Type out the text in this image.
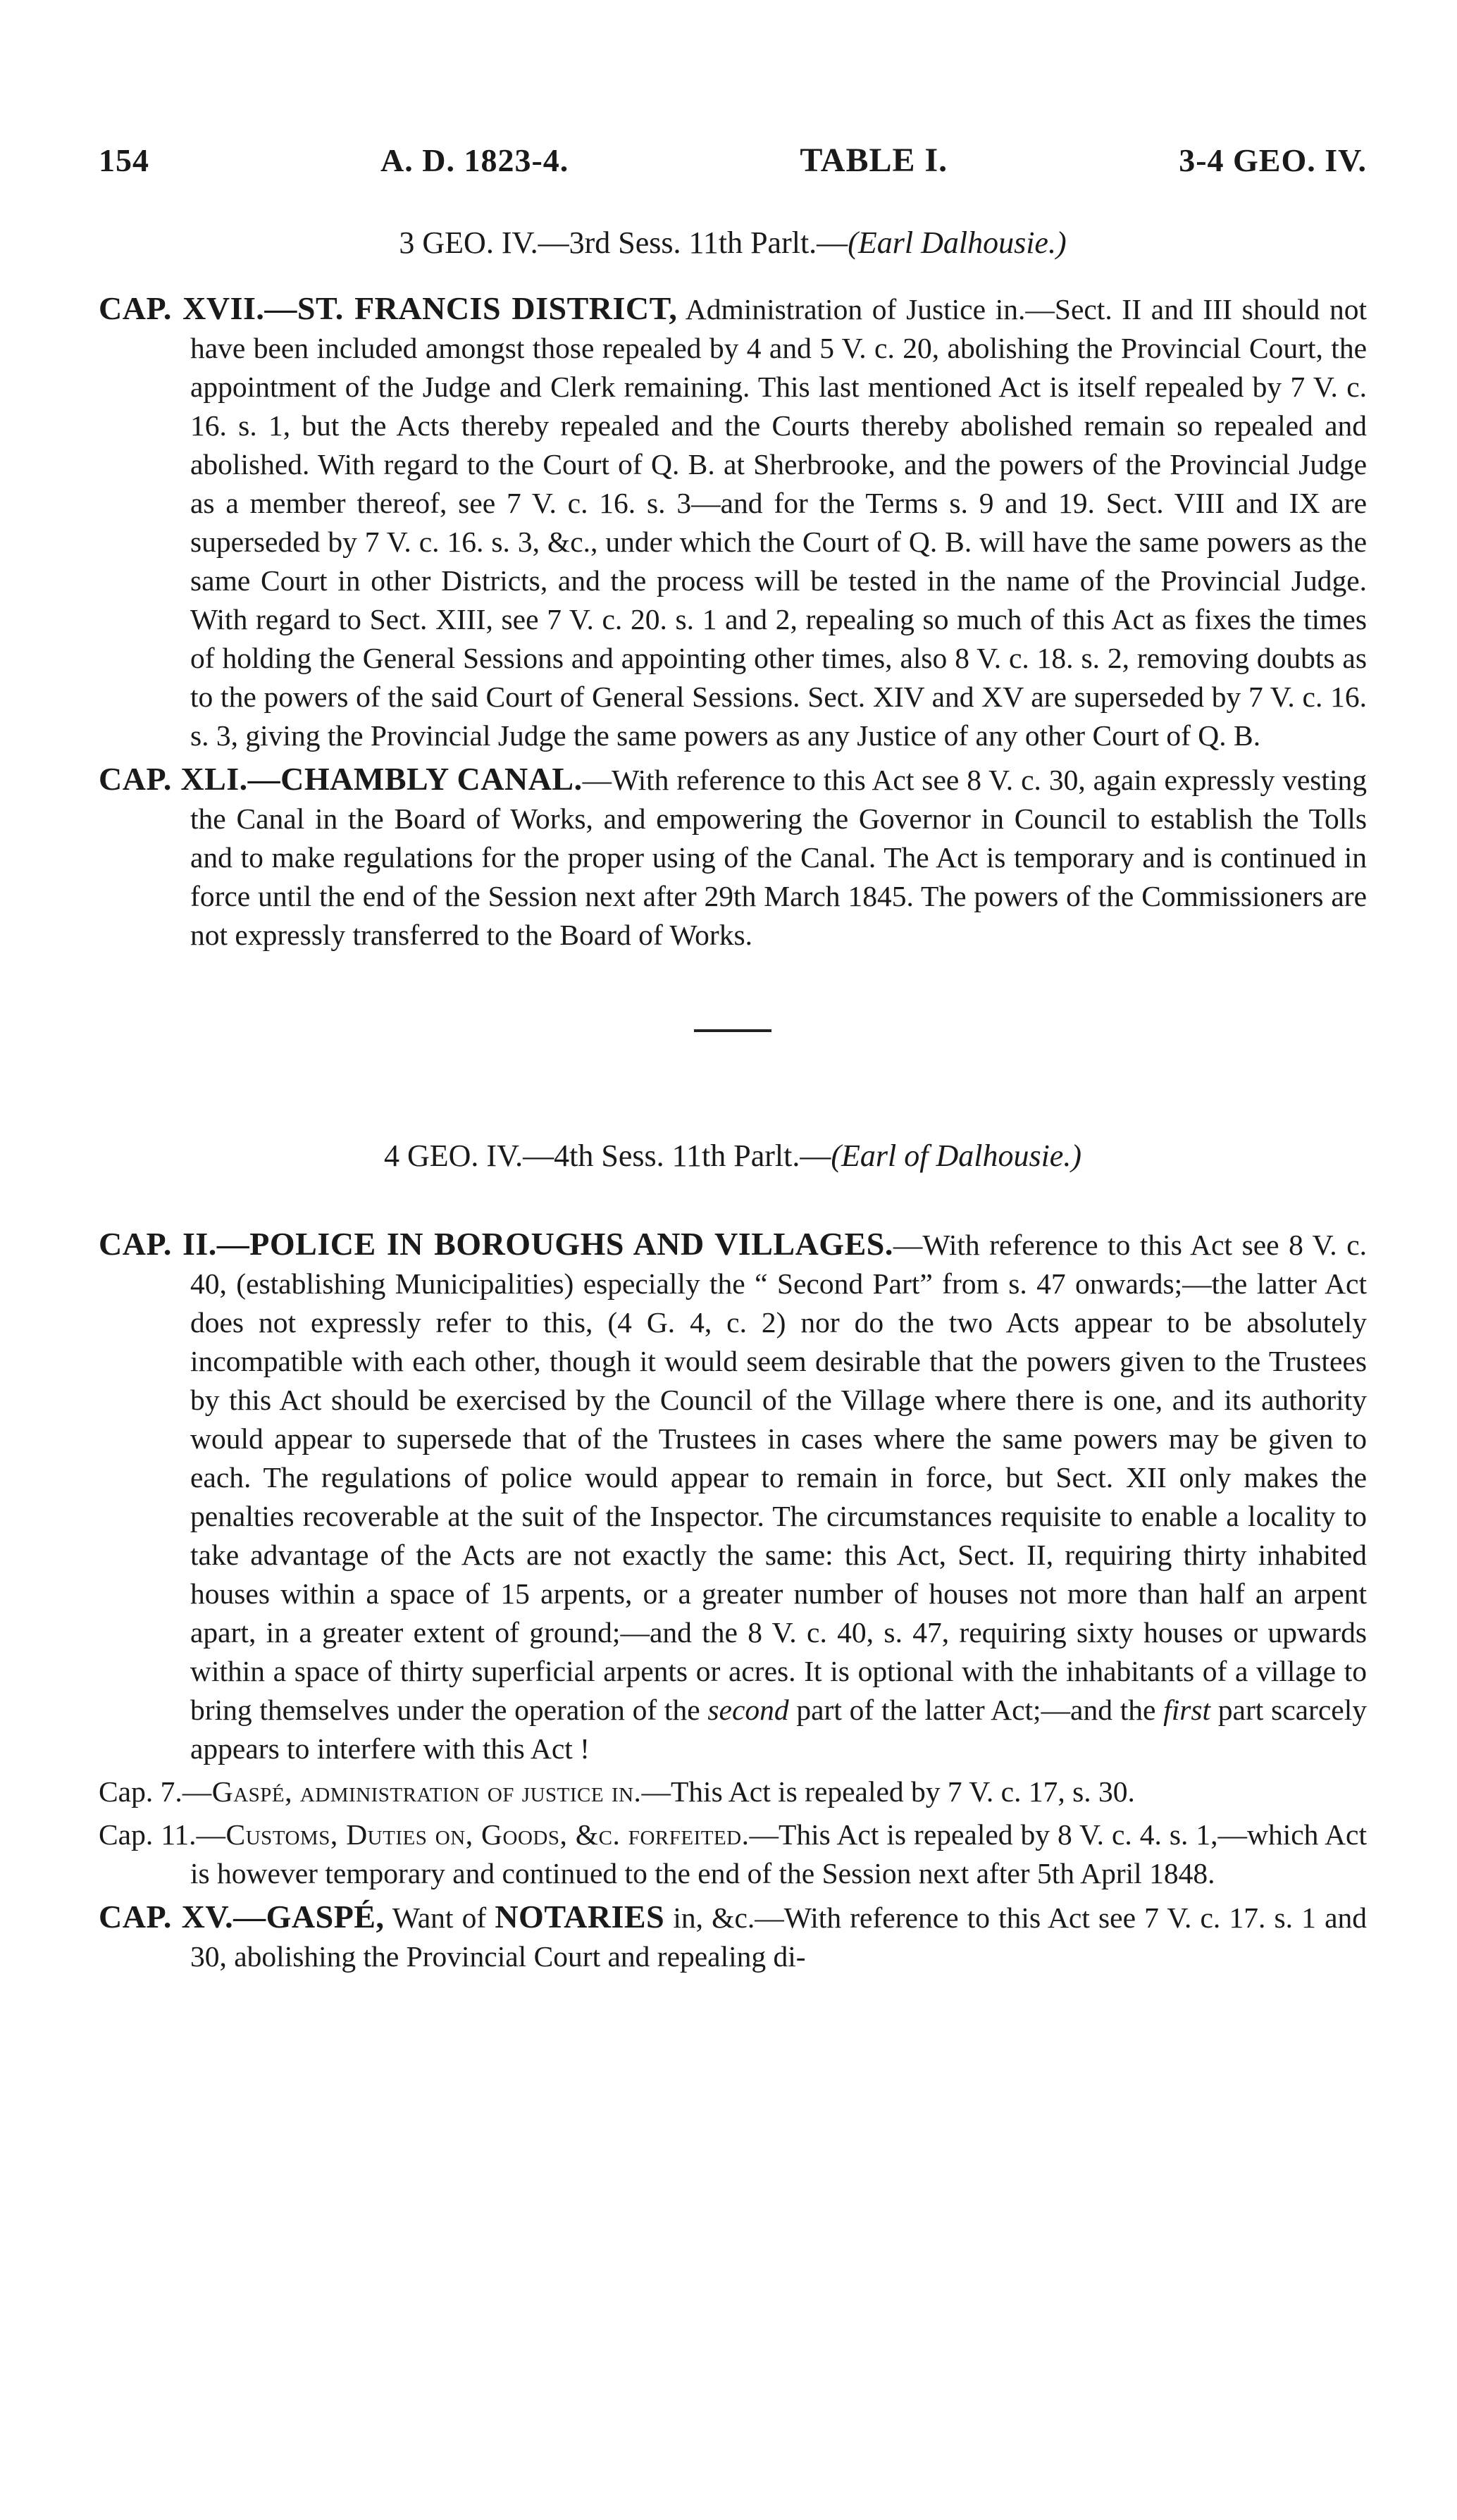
154	A. D. 1823-4.	TABLE I.	3-4 GEO. IV.
3 GEO. IV.—3rd Sess. 11th Parlt.—(Earl Dalhousie.)

CAP. XVII.—ST. FRANCIS DISTRICT, Administration of Justice in.—Sect. II and III should not have been included amongst those repealed by 4 and 5 V. c. 20, abolishing the Provincial Court, the appointment of the Judge and Clerk remaining. This last mentioned Act is itself repealed by 7 V. c. 16. s. 1, but the Acts thereby repealed and the Courts thereby abolished remain so repealed and abolished. With regard to the Court of Q. B. at Sherbrooke, and the powers of the Provincial Judge as a member thereof, see 7 V. c. 16. s. 3—and for the Terms s. 9 and 19. Sect. VIII and IX are superseded by 7 V. c. 16. s. 3, &c., under which the Court of Q. B. will have the same powers as the same Court in other Districts, and the process will be tested in the name of the Provincial Judge. With regard to Sect. XIII, see 7 V. c. 20. s. 1 and 2, repealing so much of this Act as fixes the times of holding the General Sessions and appointing other times, also 8 V. c. 18. s. 2, removing doubts as to the powers of the said Court of General Sessions. Sect. XIV and XV are superseded by 7 V. c. 16. s. 3, giving the Provincial Judge the same powers as any Justice of any other Court of Q. B.

CAP. XLI.—CHAMBLY CANAL.—With reference to this Act see 8 V. c. 30, again expressly vesting the Canal in the Board of Works, and empowering the Governor in Council to establish the Tolls and to make regulations for the proper using of the Canal. The Act is temporary and is continued in force until the end of the Session next after 29th March 1845. The powers of the Commissioners are not expressly transferred to the Board of Works.

4 GEO. IV.—4th Sess. 11th Parlt.—(Earl of Dalhousie.)

CAP. II.—POLICE IN BOROUGHS AND VILLAGES.—With reference to this Act see 8 V. c. 40, (establishing Municipalities) especially the “ Second Part” from s. 47 onwards;—the latter Act does not expressly refer to this, (4 G. 4, c. 2) nor do the two Acts appear to be absolutely incompatible with each other, though it would seem desirable that the powers given to the Trustees by this Act should be exercised by the Council of the Village where there is one, and its authority would appear to supersede that of the Trustees in cases where the same powers may be given to each. The regulations of police would appear to remain in force, but Sect. XII only makes the penalties recoverable at the suit of the Inspector. The circumstances requisite to enable a locality to take advantage of the Acts are not exactly the same: this Act, Sect. II, requiring thirty inhabited houses within a space of 15 arpents, or a greater number of houses not more than half an arpent apart, in a greater extent of ground;—and the 8 V. c. 40, s. 47, requiring sixty houses or upwards within a space of thirty superficial arpents or acres. It is optional with the inhabitants of a village to bring themselves under the operation of the second part of the latter Act;—and the first part scarcely appears to interfere with this Act !

Cap. 7.—Gaspé, administration of justice in.—This Act is repealed by 7 V. c. 17, s. 30.

Cap. 11.—Customs, Duties on, Goods, &c. forfeited.—This Act is repealed by 8 V. c. 4. s. 1,—which Act is however temporary and continued to the end of the Session next after 5th April 1848.

CAP. XV.—GASPÉ, Want of NOTARIES in, &c.—With reference to this Act see 7 V. c. 17. s. 1 and 30, abolishing the Provincial Court and repealing di-
